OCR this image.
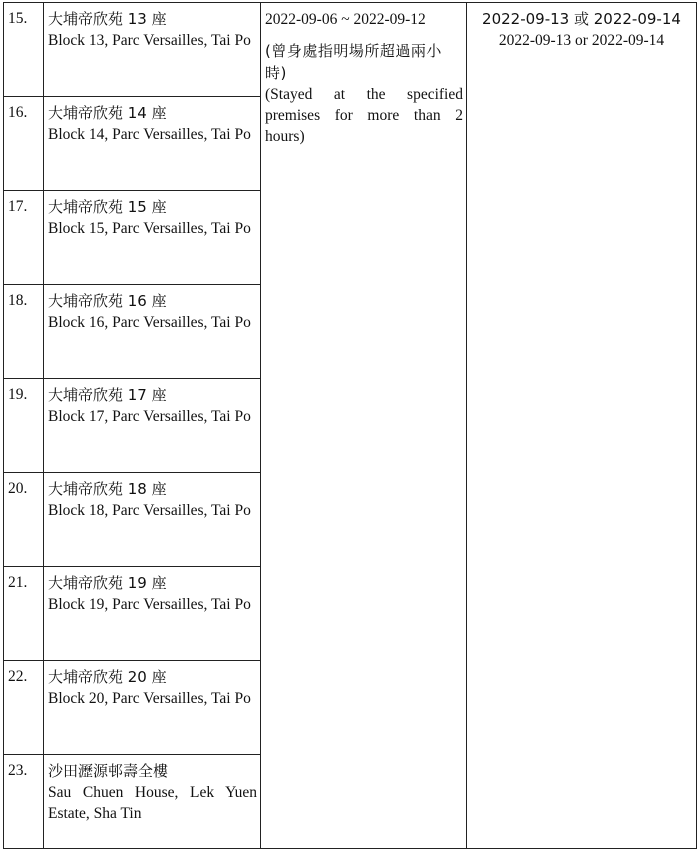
15.	大埔帝欣苑 13 座
Block 13, Parc Versailles, Tai Po	2022-09-06 ~ 2022-09-12
(曾身處指明場所超過兩小時)
(Stayed at the specified premises for more than 2 hours)	2022-09-13 或 2022-09-14
2022-09-13 or 2022-09-14

16.	大埔帝欣苑 14 座
Block 14, Parc Versailles, Tai Po		

17.	大埔帝欣苑 15 座
Block 15, Parc Versailles, Tai Po		

18.	大埔帝欣苑 16 座
Block 16, Parc Versailles, Tai Po		

19.	大埔帝欣苑 17 座
Block 17, Parc Versailles, Tai Po		

20.	大埔帝欣苑 18 座
Block 18, Parc Versailles, Tai Po		

21.	大埔帝欣苑 19 座
Block 19, Parc Versailles, Tai Po		

22.	大埔帝欣苑 20 座
Block 20, Parc Versailles, Tai Po		

23.	沙田瀝源邨壽全樓
Sau Chuen House, Lek Yuen Estate, Sha Tin		
